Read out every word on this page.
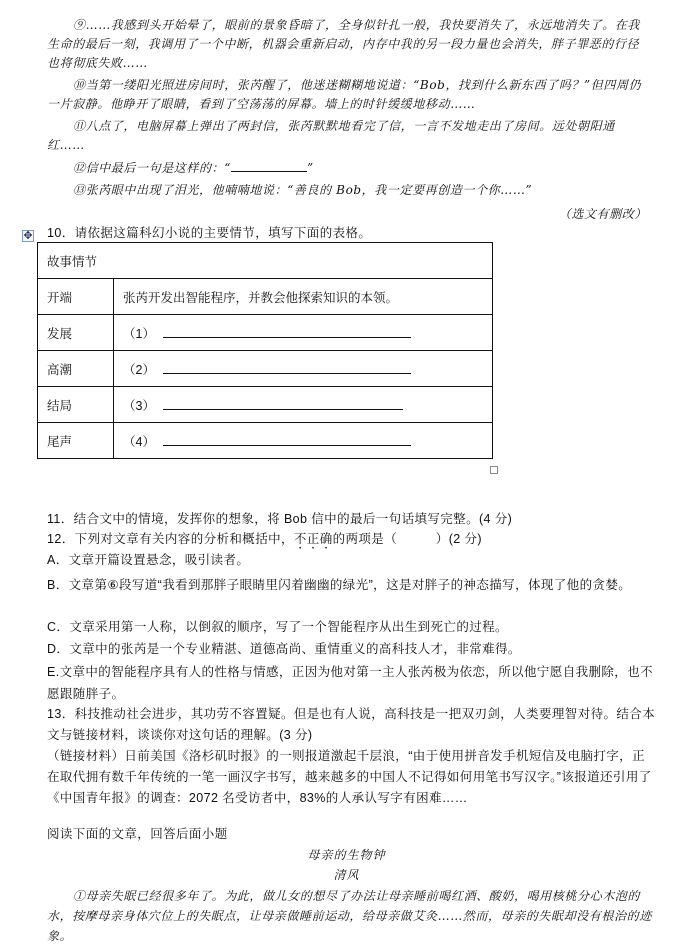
⑨……我感到头开始晕了，眼前的景象昏暗了，全身似针扎一般，我快要消失了，永远地消失了。在我生命的最后一刻，我调用了一个中断，机器会重新启动，内存中我的另一段力量也会消失，胖子罪恶的行径也将彻底失败……

⑩当第一缕阳光照进房间时，张芮醒了，他迷迷糊糊地说道：“Bob，找到什么新东西了吗？”但四周仍一片寂静。他睁开了眼睛，看到了空荡荡的屏幕。墙上的时针缓缓地移动……

⑪八点了，电脑屏幕上弹出了两封信，张芮默默地看完了信，一言不发地走出了房间。远处朝阳通红……

⑫信中最后一句是这样的：“	”

⑬张芮眼中出现了泪光，他喃喃地说：“善良的 Bob，我一定要再创造一个你……”

（选文有删改）
✥ 10．请依据这篇科幻小说的主要情节，填写下面的表格。

故事情节	
开端	张芮开发出智能程序，并教会他探索知识的本领。
发展	（1）
高潮	（2）
结局	（3）
尾声	（4）

11．结合文中的情境，发挥你的想象，将 Bob 信中的最后一句话填写完整。(4 分)

12．下列对文章有关内容的分析和概括中，不正确的两项是（　　　）(2 分)

A．文章开篇设置悬念，吸引读者。

B．文章第⑥段写道“我看到那胖子眼睛里闪着幽幽的绿光”，这是对胖子的神态描写，体现了他的贪婪。

C．文章采用第一人称，以倒叙的顺序，写了一个智能程序从出生到死亡的过程。

D．文章中的张芮是一个专业精湛、道德高尚、重情重义的高科技人才，非常难得。

E.文章中的智能程序具有人的性格与情感，正因为他对第一主人张芮极为依恋，所以他宁愿自我删除，也不愿跟随胖子。

13．科技推动社会进步，其功劳不容置疑。但是也有人说，高科技是一把双刃剑，人类要理智对待。结合本文与链接材料，谈谈你对这句话的理解。(3 分)

（链接材料）日前美国《洛杉矶时报》的一则报道激起千层浪，“由于使用拼音发手机短信及电脑打字，正在取代拥有数千年传统的一笔一画汉字书写，越来越多的中国人不记得如何用笔书写汉字。”该报道还引用了《中国青年报》的调查：2072 名受访者中，83%的人承认写字有困难……

阅读下面的文章，回答后面小题

母亲的生物钟
清风

①母亲失眠已经很多年了。为此，做儿女的想尽了办法让母亲睡前喝红酒、酸奶，喝用核桃分心木泡的水，按摩母亲身体穴位上的失眠点，让母亲做睡前运动，给母亲做艾灸……然而，母亲的失眠却没有根治的迹象。
